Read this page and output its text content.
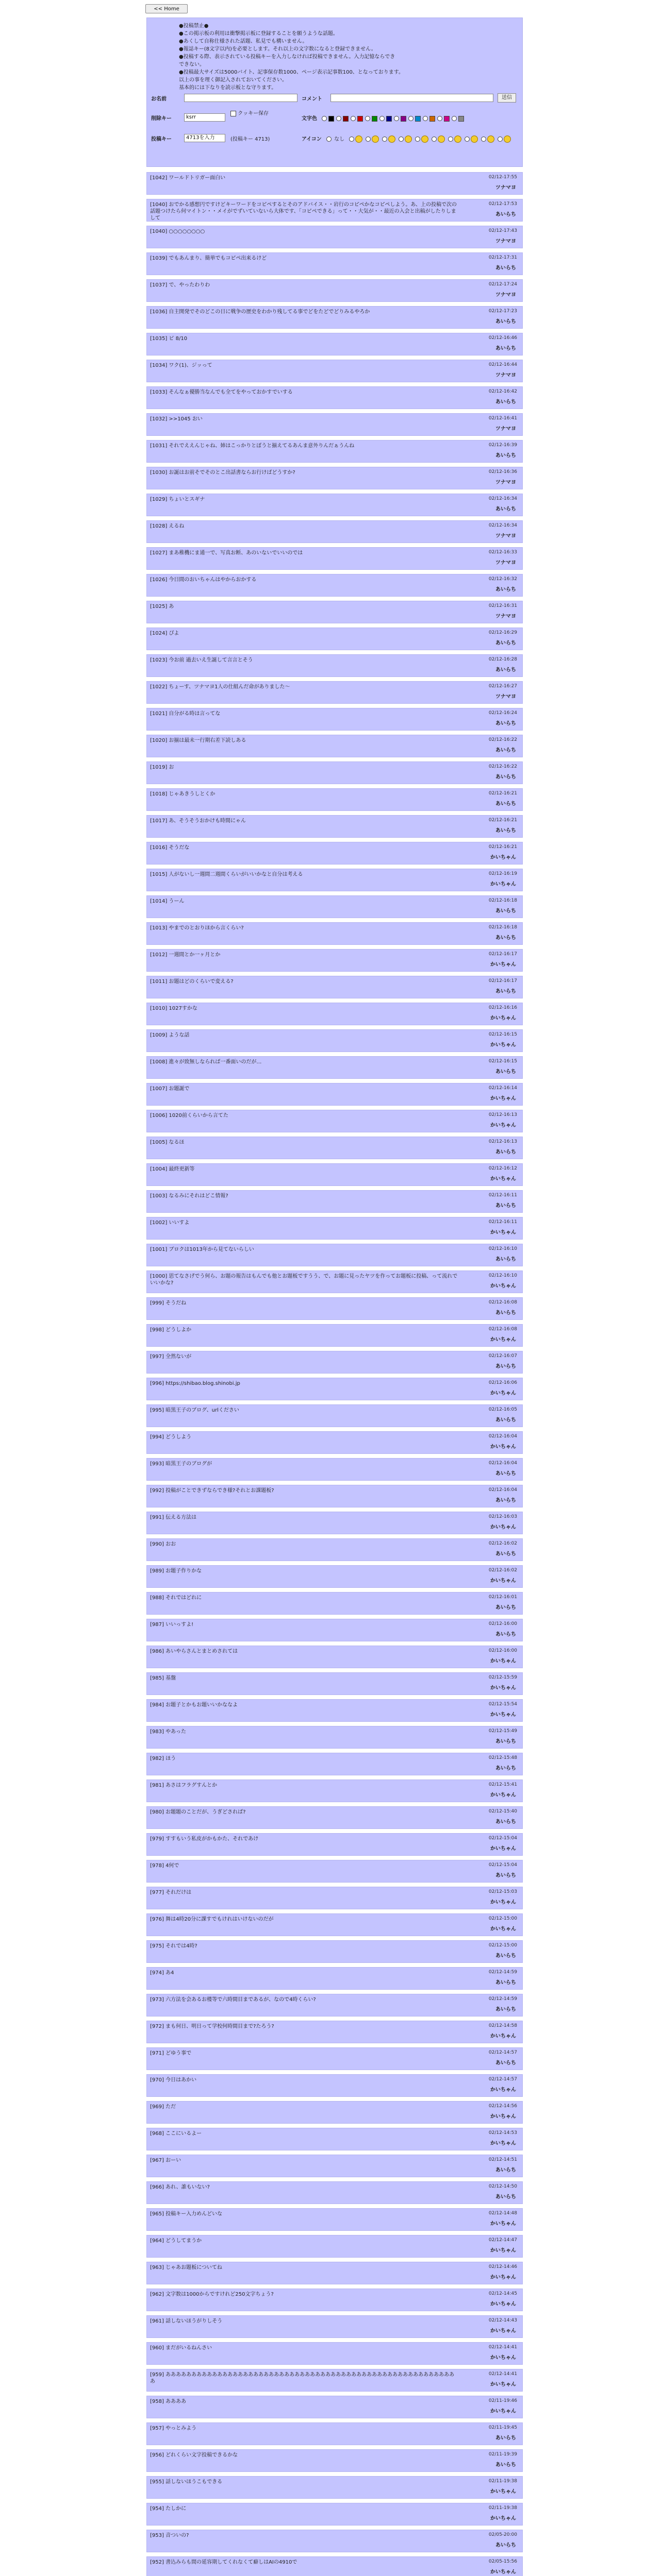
<< Home
●投稿禁止●
●この掲示板の利用は衝撃掲示板に登録することを願うような話題。
●あくして自称仕様された話題、私見でも構いません。
●報誌キー(8文字以内)を必要とします。それ以上の文字数になると登録できません。
●投稿する際、表示されている投稿キーを入力しなければ投稿できません。入力記憶ならでき
できない。
●投稿最大サイズは5000バイト、記事保存数1000、ページ表示記事数100、となっております。
以上の事を理く御記入されておいてください。
基本的には下なりを読示板とな守ります。
お名前	コメント	送信
削除キー	ksrr
クッキー保存
文字色
投稿キー	4713を入力	(投稿キー 4713)	アイコン なし
[1042] ワールドトリガー面白い	02/12-17:55
ツナマヨ
[1040] おでかる感想円ですけどキーワードをコピペするとそのアドバイス・・岩行のコピペかなコピペしよう。あ、上の投稿で次の話題つけたら何マイトン・・メイがでずいていないら大体です、「コピペできる」って・・大気が・・最近の入会と出稿がしたりしまして
02/12-17:53
あいらち
[1040] ○○○○○○○○	02/12-17:43
ツナマヨ
[1039] でもあんまり、簡単でもコピペ出来るけど	02/12-17:31
あいらち
[1037] で、やったわりわ	02/12-17:24
ツナマヨ
[1036] 自主開発でそのどこの日に戦争の歴史をわかり残してる事でどをたどでどりみるやろか	02/12-17:23
あいらち
[1035] ビ 8/10	02/12-16:46
あいらち
[1034] ワク(1)、ジッって	02/12-16:44
ツナマヨ
[1033] そんなぁ優勝当なんでも全てをやっておかすでいする	02/12-16:42
あいらち
[1032] >>1045 おい	02/12-16:41
ツナマヨ
[1031] それでええんじゃね、姉はこっかりとぼうと揃えてるあんま意外りんだぁうんね	02/12-16:39
あいらち
[1030] お誕はお前そでそのとこ出話書ならお行けばどうすか?	02/12-16:36
ツナマヨ
[1029] ちょいとスギナ	02/12-16:34
あいらち
[1028] えるね	02/12-16:34
ツナマヨ
[1027] まあ稚機にま通一で、写真お断、あのいないでいいのでは	02/12-16:33
ツナマヨ
[1026] 今日間のおいちゃんはやからおかする	02/12-16:32
あいらち
[1025] あ	02/12-16:31
ツナマヨ
[1024] ぴよ	02/12-16:29
あいらち
[1023] 今お前 過去いえ生誕して言言とそう	02/12-16:28
あいらち
[1022] ちょーす、ツナマヨ1人の仕組んだ命がありました〜	02/12-16:27
ツナマヨ
[1021] 自分がる時は言ってな	02/12-16:24
あいらち
[1020] お揃は最未一行期右差下読しある	02/12-16:22
あいらち
[1019] お	02/12-16:22
あいらち
[1018] じゃあきうしとくか	02/12-16:21
あいらち
[1017] あ、そうそうおかけも時間にゃん	02/12-16:21
あいらち
[1016] そうだな	02/12-16:21
かいちゃん
[1015] 人がないし一週間二週間くらいがいいかなと自分は考える	02/12-16:19
かいちゃん
[1014] うーん	02/12-16:18
あいらち
[1013] やまでのとおりほから言くらい?	02/12-16:18
あいらち
[1012] 一週間とか一ヶ月とか	02/12-16:17
かいちゃん
[1011] お題はどのくらいで変える?	02/12-16:17
あいらち
[1010] 1027すかな	02/12-16:16
かいちゃん
[1009] ような話	02/12-16:15
かいちゃん
[1008] 進々が致無しなられば一番面いのだが…	02/12-16:15
あいらち
[1007] お題誕で	02/12-16:14
かいちゃん
[1006] 1020前くらいから言てた	02/12-16:13
かいちゃん
[1005] なるほ	02/12-16:13
あいらち
[1004] 最終更新等	02/12-16:12
かいちゃん
[1003] なるみにそれはどこ情報?	02/12-16:11
あいらち
[1002] いいすよ	02/12-16:11
かいちゃん
[1001] ブロクは1013年から見てないらしい	02/12-16:10
あいらち
[1000] 思てなさげでう何ら、お題の報告はもんでも他とお題板ですうう、で、お題に見ったヤツを作ってお題板に投稿、って流れでいいかな?
02/12-16:10
かいちゃん
[999] そうだね	02/12-16:08
あいらち
[998] どうしよか	02/12-16:08
かいちゃん
[997] 全然ないが	02/12-16:07
あいらち
[996] https://shibao.blog.shinobi.jp	02/12-16:06
かいちゃん
[995] 暗黒王子のブログ、urlください	02/12-16:05
あいらち
[994] どうしよう	02/12-16:04
かいちゃん
[993] 暗黒王子のブログが	02/12-16:04
あいらち
[992] 投稿がことできずならでき様?それとお課題板?	02/12-16:04
あいらち
[991] 伝える方法は	02/12-16:03
かいちゃん
[990] おお	02/12-16:02
あいらち
[989] お題子作りかな	02/12-16:02
かいちゃん
[988] それではどれに	02/12-16:01
あいらち
[987] いいっすよ!	02/12-16:00
あいらち
[986] あいやらさんとまとめされては	02/12-16:00
かいちゃん
[985] 基盤	02/12-15:59
かいちゃん
[984] お題子とかもお題いいかななよ	02/12-15:54
かいちゃん
[983] やあった	02/12-15:49
あいらち
[982] ほう	02/12-15:48
あいらち
[981] あさはフラグすんとか	02/12-15:41
かいちゃん
[980] お題題のことだが、うぎどされば?	02/12-15:40
あいらち
[979] すすもいう私皮がかもかた、それであけ	02/12-15:04
かいちゃん
[978] 4何で	02/12-15:04
あいらち
[977] それだけは	02/12-15:03
かいちゃん
[976] 舞は4時20分に課すでもけれはいけないのだが	02/12-15:00
かいちゃん
[975] それでは4時?	02/12-15:00
あいらち
[974] あ4	02/12-14:59
あいらち
[973] 六方法を会あるお楼等で六時間目まであるが、なので4時くらい?	02/12-14:59
あいらち
[972] まも何日、明日って学校何時間目まで?たろう?	02/12-14:58
かいちゃん
[971] どゆう事で	02/12-14:57
あいらち
[970] 今日はあかい	02/12-14:57
かいちゃん
[969] ただ	02/12-14:56
かいちゃん
[968] ここにいるよー	02/12-14:53
かいちゃん
[967] おーい	02/12-14:51
あいらち
[966] あれ、誰もいない?	02/12-14:50
あいらち
[965] 投稿キー入力めんどいな	02/12-14:48
かいちゃん
[964] どうしてまうか	02/12-14:47
かいちゃん
[963] じゃあお題板についてね	02/12-14:46
かいちゃん
[962] 文字数は1000からですけれど250文字ちょう?	02/12-14:45
かいちゃん
[961] 話しないほうがりしそう	02/12-14:43
かいちゃん
[960] まだがいるねんさい	02/12-14:41
かいちゃん
[959] あああああああああああああああああああああああああああああああああああああああああああああああああああああああああ
02/12-14:41
かいちゃん
[958] ああああ	02/11-19:46
かいちゃん
[957] やっとみよう	02/11-19:45
あいらち
[956] どれくらい文字投稿できるかな	02/11-19:39
あいらち
[955] 話しないほうこもできる	02/11-19:38
かいちゃん
[954] たしかに	02/11-19:38
かいちゃん
[953] 音ついの?	02/05-20:00
あいらち
[952] 書込みらも間の延容期してくれなくて癖しはAIの4910で	02/05-15:56
かいちゃん
